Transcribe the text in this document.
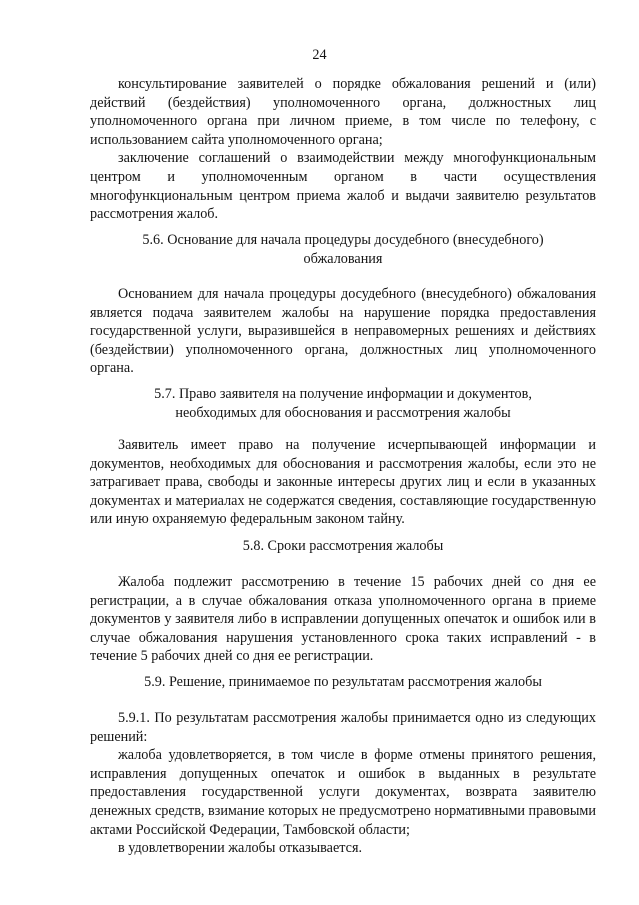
24

консультирование заявителей о порядке обжалования решений и (или) действий (бездействия) уполномоченного органа, должностных лиц уполномоченного органа при личном приеме, в том числе по телефону, с использованием сайта уполномоченного органа;

заключение соглашений о взаимодействии между многофункциональным центром и уполномоченным органом в части осуществления многофункциональным центром приема жалоб и выдачи заявителю результатов рассмотрения жалоб.

5.6. Основание для начала процедуры досудебного (внесудебного)
обжалования

Основанием для начала процедуры досудебного (внесудебного) обжалования является подача заявителем жалобы на нарушение порядка предоставления государственной услуги, выразившейся в неправомерных решениях и действиях (бездействии) уполномоченного органа, должностных лиц уполномоченного органа.

5.7. Право заявителя на получение информации и документов,
необходимых для обоснования и рассмотрения жалобы

Заявитель имеет право на получение исчерпывающей информации и документов, необходимых для обоснования и рассмотрения жалобы, если это не затрагивает права, свободы и законные интересы других лиц и если в указанных документах и материалах не содержатся сведения, составляющие государственную или иную охраняемую федеральным законом тайну.

5.8. Сроки рассмотрения жалобы

Жалоба подлежит рассмотрению в течение 15 рабочих дней со дня ее регистрации, а в случае обжалования отказа уполномоченного органа в приеме документов у заявителя либо в исправлении допущенных опечаток и ошибок или в случае обжалования нарушения установленного срока таких исправлений - в течение 5 рабочих дней со дня ее регистрации.

5.9. Решение, принимаемое по результатам рассмотрения жалобы

5.9.1. По результатам рассмотрения жалобы принимается одно из следующих решений:

жалоба удовлетворяется, в том числе в форме отмены принятого решения, исправления допущенных опечаток и ошибок в выданных в результате предоставления государственной услуги документах, возврата заявителю денежных средств, взимание которых не предусмотрено нормативными правовыми актами Российской Федерации, Тамбовской области;

в удовлетворении жалобы отказывается.
